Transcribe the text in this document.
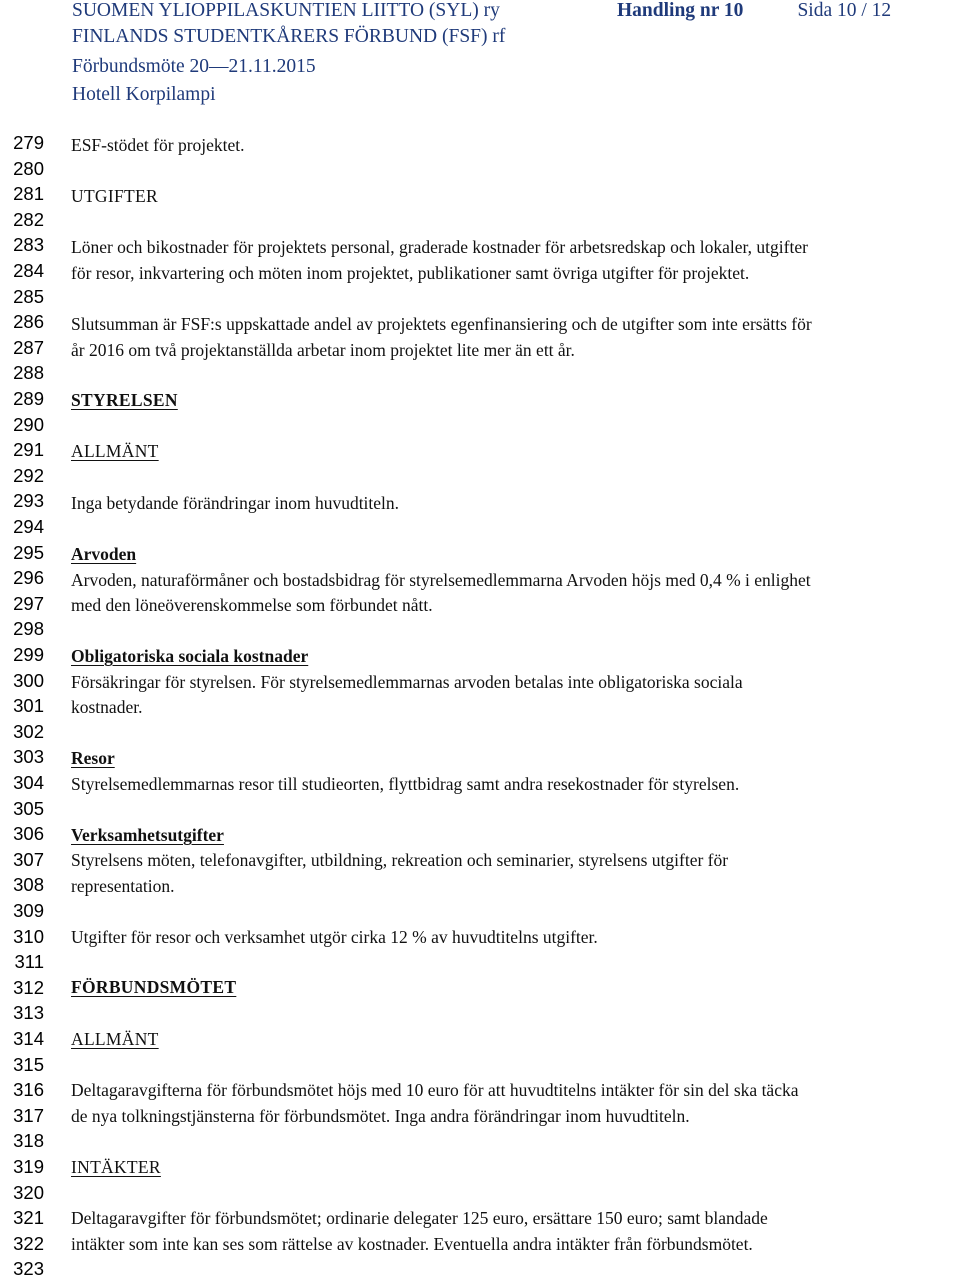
SUOMEN YLIOPPILASKUNTIEN LIITTO (SYL) ry
FINLANDS STUDENTKÅRERS FÖRBUND (FSF) rf
Förbundsmöte 20—21.11.2015
Hotell Korpilampi
Handling nr 10	Sida 10 / 12
279
280
281
282
283
284
285
286
287
288
289
290
291
292
293
294
295
296
297
298
299
300
301
302
303
304
305
306
307
308
309
310
311
312
313
314
315
316
317
318
319
320
321
322
323
ESF-stödet för projektet.
UTGIFTER
Löner och bikostnader för projektets personal, graderade kostnader för arbetsredskap och lokaler, utgifter
för resor, inkvartering och möten inom projektet, publikationer samt övriga utgifter för projektet.
Slutsumman är FSF:s uppskattade andel av projektets egenfinansiering och de utgifter som inte ersätts för
år 2016 om två projektanställda arbetar inom projektet lite mer än ett år.
STYRELSEN
ALLMÄNT
Inga betydande förändringar inom huvudtiteln.
Arvoden
Arvoden, naturaförmåner och bostadsbidrag för styrelsemedlemmarna Arvoden höjs med 0,4 % i enlighet
med den löneöverenskommelse som förbundet nått.
Obligatoriska sociala kostnader
Försäkringar för styrelsen. För styrelsemedlemmarnas arvoden betalas inte obligatoriska sociala
kostnader.
Resor
Styrelsemedlemmarnas resor till studieorten, flyttbidrag samt andra resekostnader för styrelsen.
Verksamhetsutgifter
Styrelsens möten, telefonavgifter, utbildning, rekreation och seminarier, styrelsens utgifter för
representation.
Utgifter för resor och verksamhet utgör cirka 12 % av huvudtitelns utgifter.
FÖRBUNDSMÖTET
ALLMÄNT
Deltagaravgifterna för förbundsmötet höjs med 10 euro för att huvudtitelns intäkter för sin del ska täcka
de nya tolkningstjänsterna för förbundsmötet. Inga andra förändringar inom huvudtiteln.
INTÄKTER
Deltagaravgifter för förbundsmötet; ordinarie delegater 125 euro, ersättare 150 euro; samt blandade
intäkter som inte kan ses som rättelse av kostnader. Eventuella andra intäkter från förbundsmötet.
